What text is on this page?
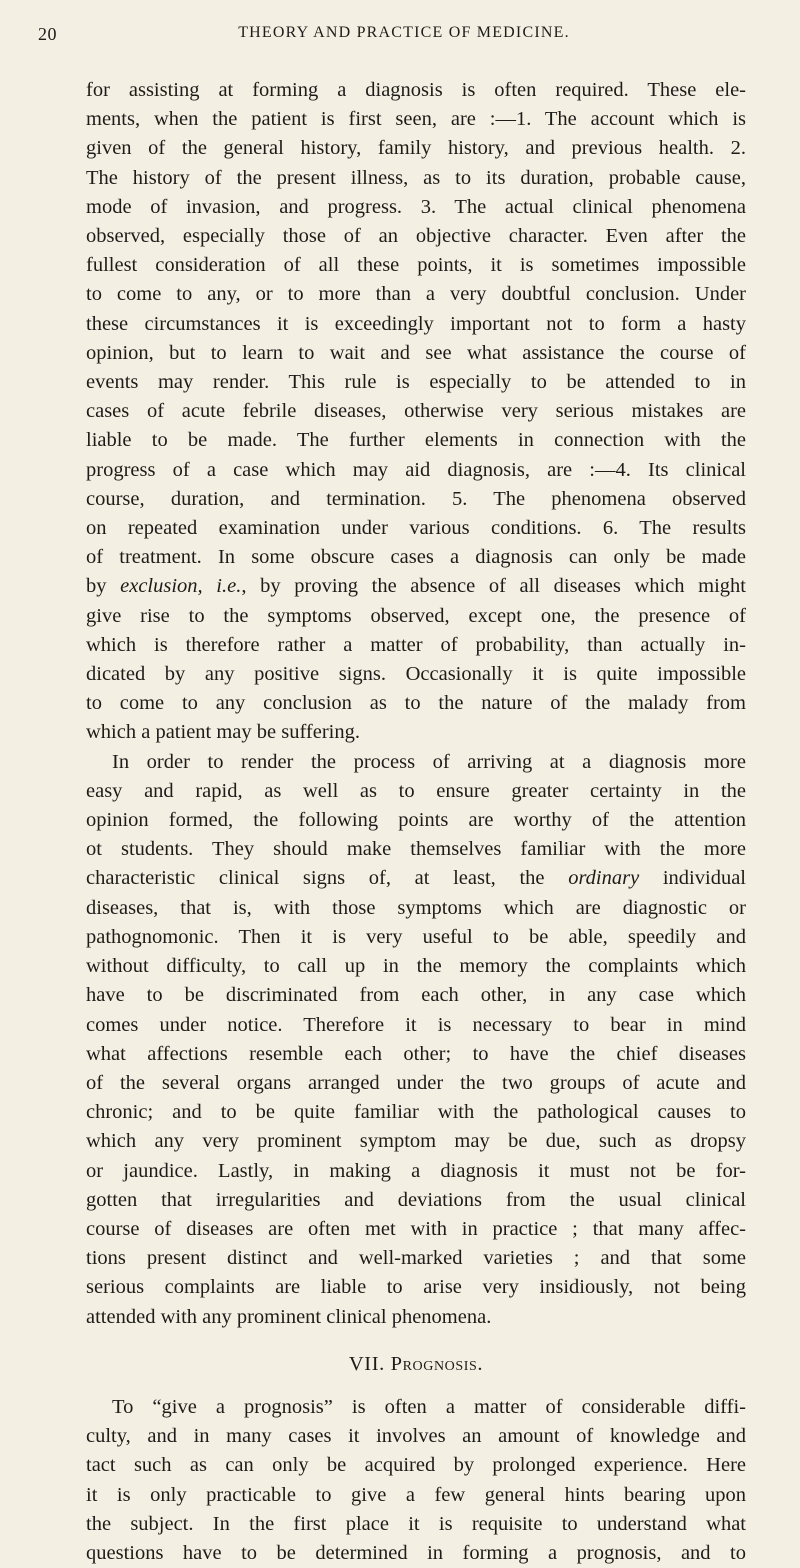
20	THEORY AND PRACTICE OF MEDICINE.
for assisting at forming a diagnosis is often required. These ele-
ments, when the patient is first seen, are :—1. The account which is
given of the general history, family history, and previous health. 2.
The history of the present illness, as to its duration, probable cause,
mode of invasion, and progress. 3. The actual clinical phenomena
observed, especially those of an objective character. Even after the
fullest consideration of all these points, it is sometimes impossible
to come to any, or to more than a very doubtful conclusion. Under
these circumstances it is exceedingly important not to form a hasty
opinion, but to learn to wait and see what assistance the course of
events may render. This rule is especially to be attended to in
cases of acute febrile diseases, otherwise very serious mistakes are
liable to be made. The further elements in connection with the
progress of a case which may aid diagnosis, are :—4. Its clinical
course, duration, and termination. 5. The phenomena observed
on repeated examination under various conditions. 6. The results
of treatment. In some obscure cases a diagnosis can only be made
by exclusion, i.e., by proving the absence of all diseases which might
give rise to the symptoms observed, except one, the presence of
which is therefore rather a matter of probability, than actually in-
dicated by any positive signs. Occasionally it is quite impossible
to come to any conclusion as to the nature of the malady from
which a patient may be suffering.
In order to render the process of arriving at a diagnosis more
easy and rapid, as well as to ensure greater certainty in the
opinion formed, the following points are worthy of the attention
ot students. They should make themselves familiar with the more
characteristic clinical signs of, at least, the ordinary individual
diseases, that is, with those symptoms which are diagnostic or
pathognomonic. Then it is very useful to be able, speedily and
without difficulty, to call up in the memory the complaints which
have to be discriminated from each other, in any case which
comes under notice. Therefore it is necessary to bear in mind
what affections resemble each other; to have the chief diseases
of the several organs arranged under the two groups of acute and
chronic; and to be quite familiar with the pathological causes to
which any very prominent symptom may be due, such as dropsy
or jaundice. Lastly, in making a diagnosis it must not be for-
gotten that irregularities and deviations from the usual clinical
course of diseases are often met with in practice ; that many affec-
tions present distinct and well-marked varieties ; and that some
serious complaints are liable to arise very insidiously, not being
attended with any prominent clinical phenomena.
VII. Prognosis.
To “give a prognosis” is often a matter of considerable diffi-
culty, and in many cases it involves an amount of knowledge and
tact such as can only be acquired by prolonged experience. Here
it is only practicable to give a few general hints bearing upon
the subject. In the first place it is requisite to understand what
questions have to be determined in forming a prognosis, and to
